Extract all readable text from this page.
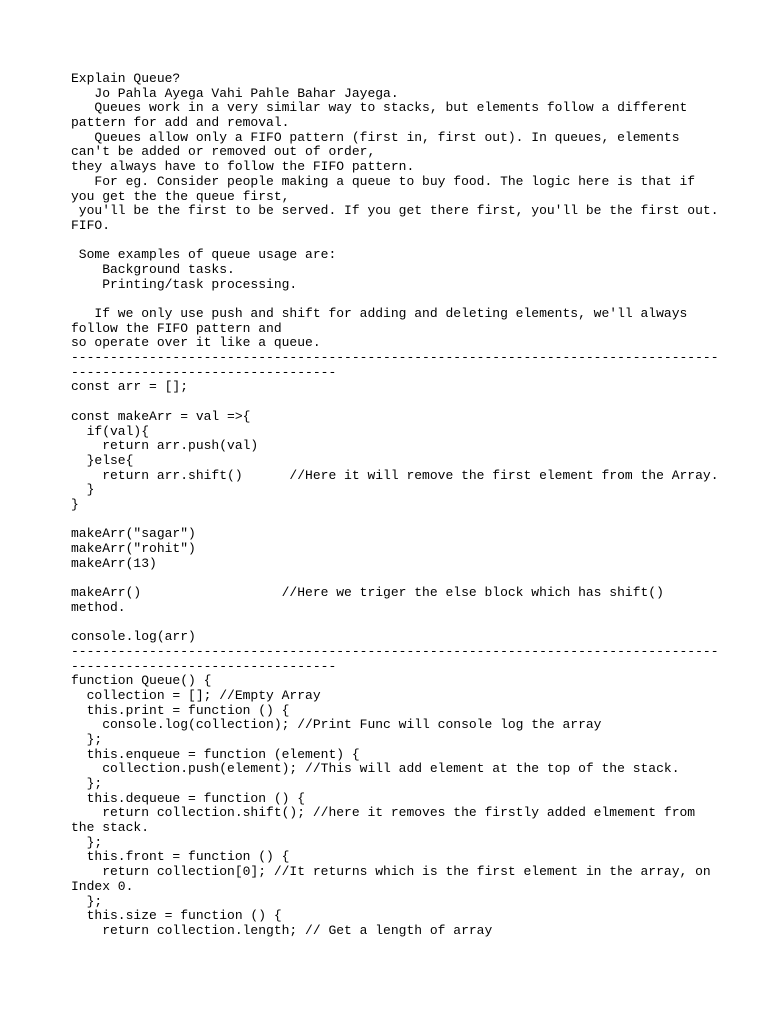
Explain Queue?
Jo Pahla Ayega Vahi Pahle Bahar Jayega.
Queues work in a very similar way to stacks, but elements follow a different
pattern for add and removal.
Queues allow only a FIFO pattern (first in, first out). In queues, elements
can't be added or removed out of order,
they always have to follow the FIFO pattern.
For eg. Consider people making a queue to buy food. The logic here is that if
you get the the queue first,
you'll be the first to be served. If you get there first, you'll be the first out.
FIFO.
Some examples of queue usage are:
Background tasks.
Printing/task processing.
If we only use push and shift for adding and deleting elements, we'll always
follow the FIFO pattern and
so operate over it like a queue.
-----------------------------------------------------------------------------------
----------------------------------
const arr = [];
const makeArr = val =>{
if(val){
return arr.push(val)
}else{
return arr.shift()      //Here it will remove the first element from the Array.
}
}
makeArr("sagar")
makeArr("rohit")
makeArr(13)
makeArr()                  //Here we triger the else block which has shift()
method.
console.log(arr)
-----------------------------------------------------------------------------------
----------------------------------
function Queue() {
collection = []; //Empty Array
this.print = function () {
console.log(collection); //Print Func will console log the array
};
this.enqueue = function (element) {
collection.push(element); //This will add element at the top of the stack.
};
this.dequeue = function () {
return collection.shift(); //here it removes the firstly added elmement from
the stack.
};
this.front = function () {
return collection[0]; //It returns which is the first element in the array, on
Index 0.
};
this.size = function () {
return collection.length; // Get a length of array
